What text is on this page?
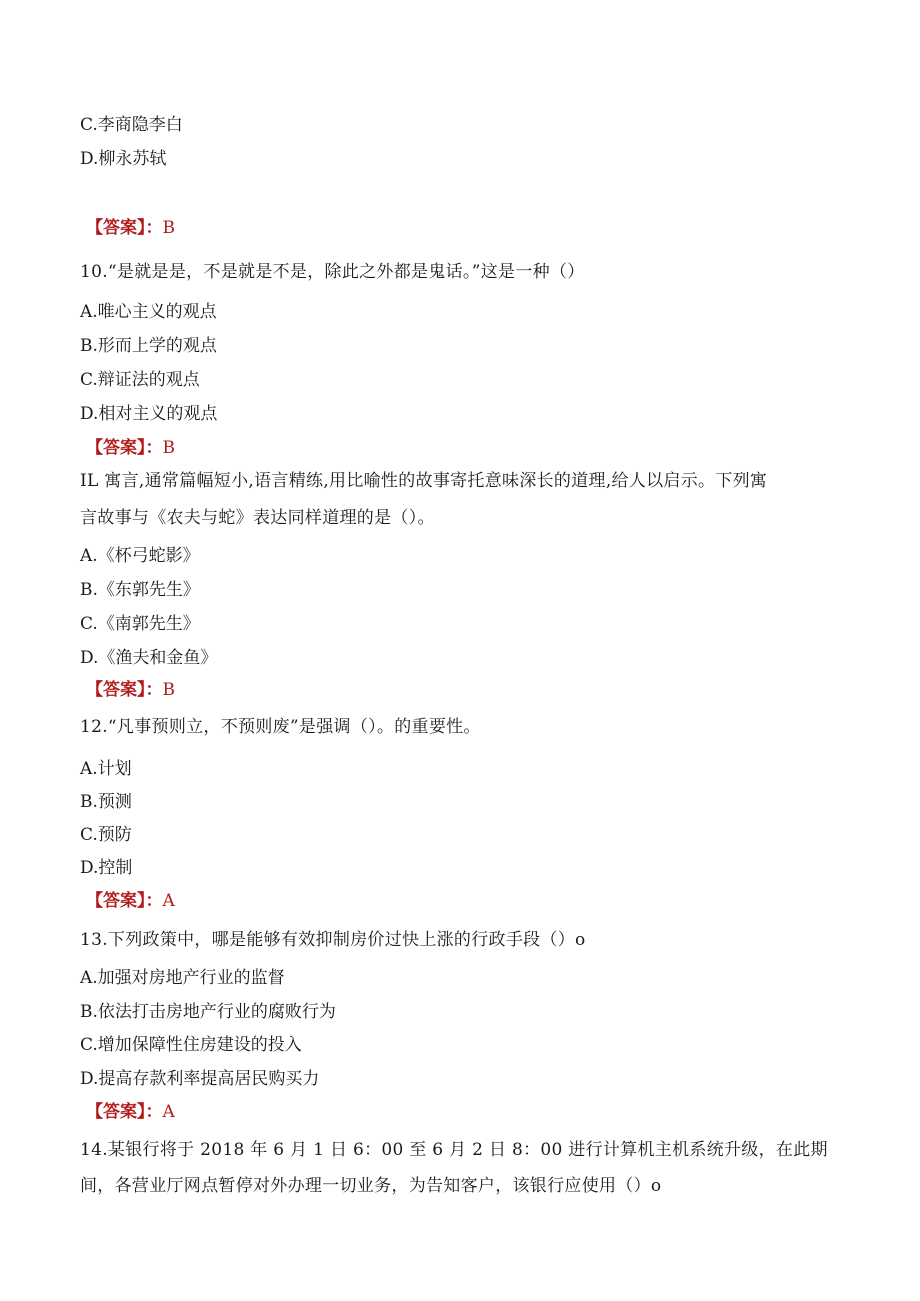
C.李商隐李白
D.柳永苏轼
【答案】：B
10.“是就是是，不是就是不是，除此之外都是鬼话。”这是一种（）
A.唯心主义的观点
B.形而上学的观点
C.辩证法的观点
D.相对主义的观点
【答案】：B
IL 寓言,通常篇幅短小,语言精练,用比喻性的故事寄托意味深长的道理,给人以启示。下列寓
言故事与《农夫与蛇》表达同样道理的是（）。
A.《杯弓蛇影》
B.《东郭先生》
C.《南郭先生》
D.《渔夫和金鱼》
【答案】：B
12.“凡事预则立，不预则废”是强调（）。的重要性。
A.计划
B.预测
C.预防
D.控制
【答案】：A
13.下列政策中，哪是能够有效抑制房价过快上涨的行政手段（）o
A.加强对房地产行业的监督
B.依法打击房地产行业的腐败行为
C.增加保障性住房建设的投入
D.提高存款利率提高居民购买力
【答案】：A
14.某银行将于 2018 年 6 月 1 日 6：00 至 6 月 2 日 8：00 进行计算机主机系统升级，在此期
间，各营业厅网点暂停对外办理一切业务，为告知客户，该银行应使用（）o
